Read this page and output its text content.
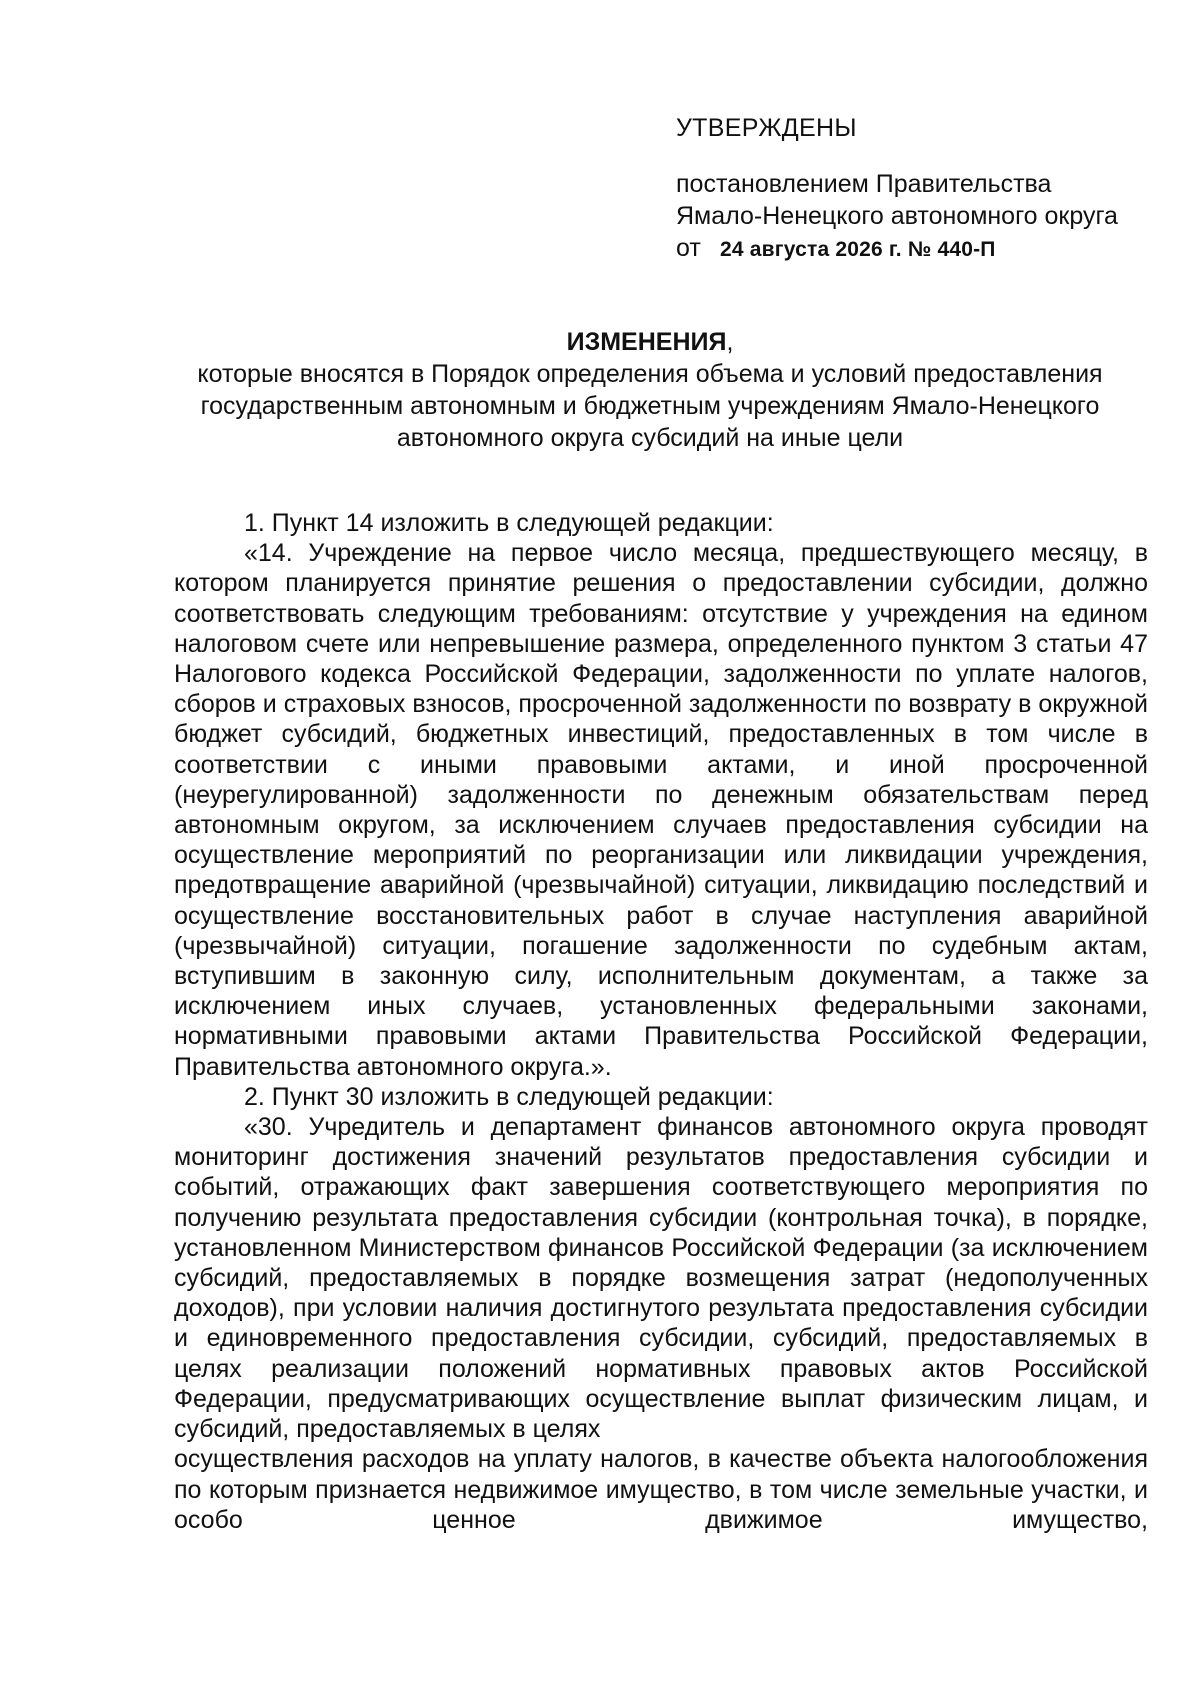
УТВЕРЖДЕНЫ

постановлением Правительства

Ямало-Ненецкого автономного округа

от 24 августа 2026 г. № 440-П

ИЗМЕНЕНИЯ,

которые вносятся в Порядок определения объема и условий предоставления

государственным автономным и бюджетным учреждениям Ямало-Ненецкого

автономного округа субсидий на иные цели

1. Пункт 14 изложить в следующей редакции:

«14. Учреждение на первое число месяца, предшествующего месяцу, в котором планируется принятие решения о предоставлении субсидии, должно соответствовать следующим требованиям: отсутствие у учреждения на едином налоговом счете или непревышение размера, определенного пунктом 3 статьи 47 Налогового кодекса Российской Федерации, задолженности по уплате налогов, сборов и страховых взносов, просроченной задолженности по возврату в окружной бюджет субсидий, бюджетных инвестиций, предоставленных в том числе в соответствии с иными правовыми актами, и иной просроченной (неурегулированной) задолженности по денежным обязательствам перед автономным округом, за исключением случаев предоставления субсидии на осуществление мероприятий по реорганизации или ликвидации учреждения, предотвращение аварийной (чрезвычайной) ситуации, ликвидацию последствий и осуществление восстановительных работ в случае наступления аварийной (чрезвычайной) ситуации, погашение задолженности по судебным актам, вступившим в законную силу, исполнительным документам, а также за исключением иных случаев, установленных федеральными законами, нормативными правовыми актами Правительства Российской Федерации, Правительства автономного округа.».

2. Пункт 30 изложить в следующей редакции:

«30. Учредитель и департамент финансов автономного округа проводят мониторинг достижения значений результатов предоставления субсидии и событий, отражающих факт завершения соответствующего мероприятия по получению результата предоставления субсидии (контрольная точка), в порядке, установленном Министерством финансов Российской Федерации (за исключением субсидий, предоставляемых в порядке возмещения затрат (недополученных доходов), при условии наличия достигнутого результата предоставления субсидии и единовременного предоставления субсидии, субсидий, предоставляемых в целях реализации положений нормативных правовых актов Российской Федерации, предусматривающих осуществление выплат физическим лицам, и субсидий, предоставляемых в целях

осуществления расходов на уплату налогов, в качестве объекта налогообложения по которым признается недвижимое имущество, в том числе земельные участки, и особо ценное движимое имущество,
